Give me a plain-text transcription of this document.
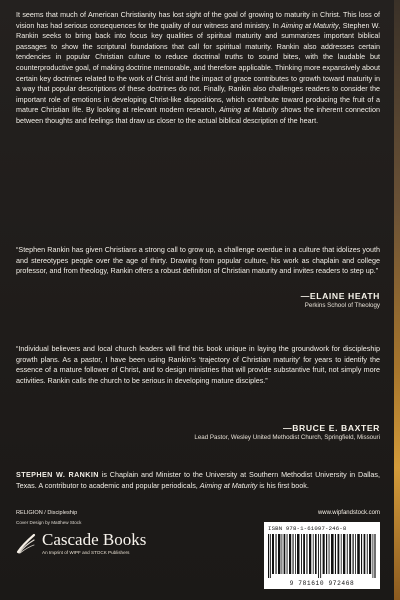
It seems that much of American Christianity has lost sight of the goal of growing to maturity in Christ. This loss of vision has had serious consequences for the quality of our witness and ministry. In Aiming at Maturity, Stephen W. Rankin seeks to bring back into focus key qualities of spiritual maturity and summarizes important biblical passages to show the scriptural foundations that call for spiritual maturity. Rankin also addresses certain tendencies in popular Christian culture to reduce doctrinal truths to sound bites, with the laudable but counterproductive goal, of making doctrine memorable, and therefore applicable. Thinking more expansively about certain key doctrines related to the work of Christ and the impact of grace contributes to growth toward maturity in a way that popular descriptions of these doctrines do not. Finally, Rankin also challenges readers to consider the important role of emotions in developing Christ-like dispositions, which contribute toward producing the fruit of a mature Christian life. By looking at relevant modern research, Aiming at Maturity shows the inherent connection between thoughts and feelings that draw us closer to the actual biblical description of the heart.
“Stephen Rankin has given Christians a strong call to grow up, a challenge overdue in a culture that idolizes youth and stereotypes people over the age of thirty. Drawing from popular culture, his work as chaplain and college professor, and from theology, Rankin offers a robust definition of Christian maturity and invites readers to step up.”
—ELAINE HEATH
Perkins School of Theology
“Individual believers and local church leaders will find this book unique in laying the groundwork for discipleship growth plans. As a pastor, I have been using Rankin’s ‘trajectory of Christian maturity’ for years to identify the essence of a mature follower of Christ, and to design ministries that will provide substantive fruit, not simply more activities. Rankin calls the church to be serious in developing mature disciples.”
—BRUCE E. BAXTER
Lead Pastor, Wesley United Methodist Church, Springfield, Missouri
STEPHEN W. RANKIN is Chaplain and Minister to the University at Southern Methodist University in Dallas, Texas. A contributor to academic and popular periodicals, Aiming at Maturity is his first book.
RELIGION / Discipleship
Cover Design by Matthew Stock
Cascade Books
An Imprint of WIPF and STOCK Publishers
www.wipfandstock.com
ISBN 978-1-61097-246-8
9 781610 972468
